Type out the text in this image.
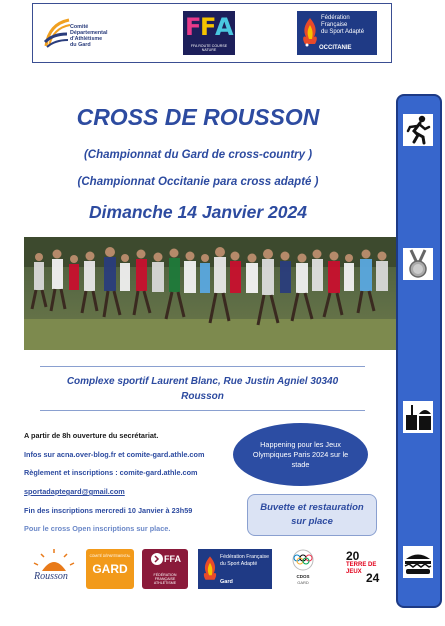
Comité
Départemental
d'Athlétisme
du Gard
F
F
A
FFA ROUTE COURSE NATURE
Fédération Française
du Sport Adapté
OCCITANIE
CROSS DE ROUSSON
(Championnat du Gard de cross-country )
(Championnat Occitanie para cross adapté )
Dimanche 14 Janvier 2024
Complexe sportif Laurent Blanc, Rue Justin Agniel 30340
Rousson
A partir de 8h ouverture du secrétariat.
Infos sur acna.over-blog.fr et comite-gard.athle.com
Règlement et inscriptions : comite-gard.athle.com
sportadaptegard@gmail.com
Fin des inscriptions mercredi 10 Janvier à 23h59
Pour le cross Open inscriptions sur place.
Happening pour les Jeux Olympiques Paris 2024 sur le stade
Buvette et restauration sur place
Rousson
COMITÉ DÉPARTEMENTAL
GARD
FFA
FÉDÉRATION FRANÇAISE ATHLÉTISME
Fédération Française
du Sport Adapté
Gard
CDOS
GARD
20
TERRE DE JEUX 24
